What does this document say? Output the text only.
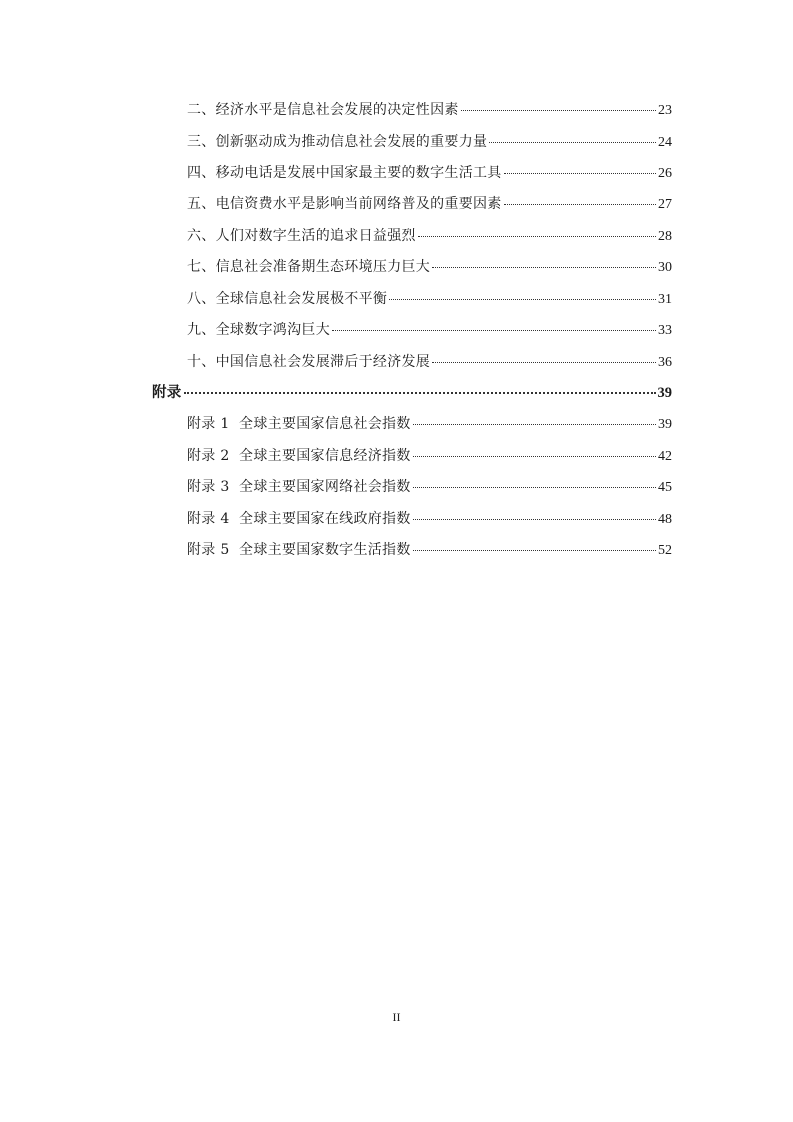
二、经济水平是信息社会发展的决定性因素	23
三、创新驱动成为推动信息社会发展的重要力量	24
四、移动电话是发展中国家最主要的数字生活工具	26
五、电信资费水平是影响当前网络普及的重要因素	27
六、人们对数字生活的追求日益强烈	28
七、信息社会准备期生态环境压力巨大	30
八、全球信息社会发展极不平衡	31
九、全球数字鸿沟巨大	33
十、中国信息社会发展滞后于经济发展	36
附录	39
附录 1  全球主要国家信息社会指数	39
附录 2  全球主要国家信息经济指数	42
附录 3  全球主要国家网络社会指数	45
附录 4  全球主要国家在线政府指数	48
附录 5  全球主要国家数字生活指数	52
II
